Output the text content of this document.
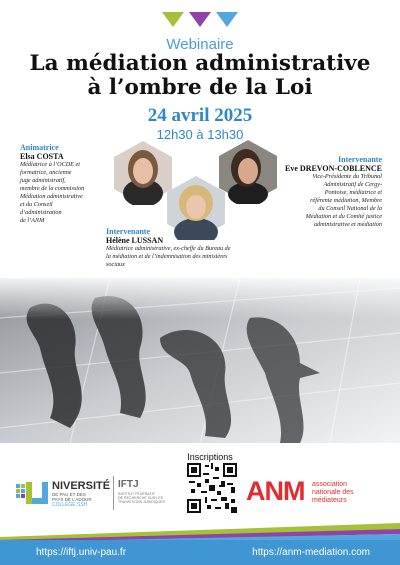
Webinaire
La médiation administrative
à l’ombre de la Loi
24 avril 2025
12h30 à 13h30
Animatrice
Elsa COSTA
Médiatrice à l’OCDE et
formatrice, ancienne
juge administratif,
membre de la commission
Médiation administrative
et du Conseil
d’administration
de l’ANM
Intervenante
Eve DREVON-COBLENCE
Vice-Présidente du Tribunal
Administratif de Cergy-
Pontoise, médiatrice et
référente médiation, Membre
du Conseil National de la
Médiation et du Comité justice
administrative et médiation
Intervenante
Hélène LUSSAN
Médiatrice administrative, ex-cheffe du Bureau de
la médiation et de l’indemnisation des ministères
sociaux
Inscriptions
NIVERSITÉ
DE PAU ET DES
PAYS DE L’ADOUR
COLLÈGE SSH
IFTJ
INSTITUT FÉDÉRATIF
DE RECHERCHE SUR LES
TRANSITIONS JURIDIQUES	ANM association
nationale des
médiateurs
https://iftj.univ-pau.fr	https://anm-mediation.com
